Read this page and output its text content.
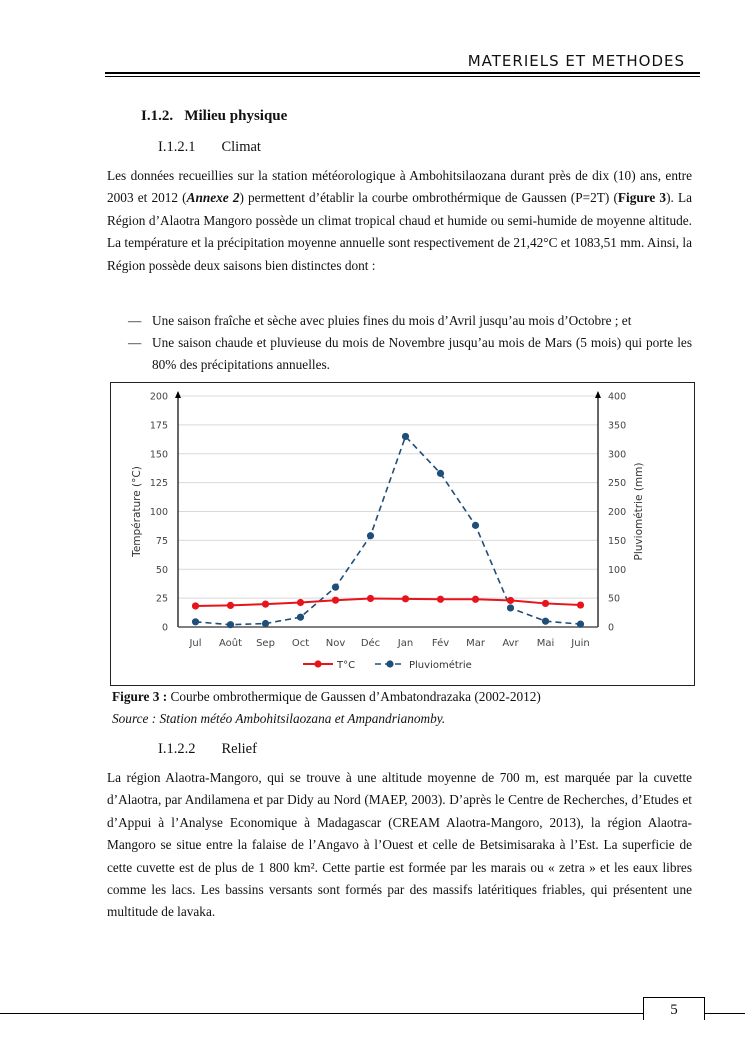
MATERIELS ET METHODES
I.1.2. Milieu physique
I.1.2.1 Climat
Les données recueillies sur la station météorologique à Ambohitsilaozana durant près de dix (10) ans, entre 2003 et 2012 (Annexe 2) permettent d’établir la courbe ombrothérmique de Gaussen (P=2T) (Figure 3). La Région d’Alaotra Mangoro possède un climat tropical chaud et humide ou semi-humide de moyenne altitude. La température et la précipitation moyenne annuelle sont respectivement de 21,42°C et 1083,51 mm. Ainsi, la Région possède deux saisons bien distinctes dont :
— Une saison fraîche et sèche avec pluies fines du mois d’Avril jusqu’au mois d’Octobre ; et
— Une saison chaude et pluvieuse du mois de Novembre jusqu’au mois de Mars (5 mois) qui porte les 80% des précipitations annuelles.
0
25
50
75
100
125
150
175
200
0
50
100
150
200
250
300
350
400
Jul Août Sep Oct Nov Déc Jan Fév Mar Avr Mai Juin
Température (°C)	Pluviométrie (mm)
T°C	Pluviométrie
Figure 3 : Courbe ombrothermique de Gaussen d’Ambatondrazaka (2002-2012)
Source : Station météo Ambohitsilaozana et Ampandrianomby.
I.1.2.2 Relief
La région Alaotra-Mangoro, qui se trouve à une altitude moyenne de 700 m, est marquée par la cuvette d’Alaotra, par Andilamena et par Didy au Nord (MAEP, 2003). D’après le Centre de Recherches, d’Etudes et d’Appui à l’Analyse Economique à Madagascar (CREAM Alaotra-Mangoro, 2013), la région Alaotra-Mangoro se situe entre la falaise de l’Angavo à l’Ouest et celle de Betsimisaraka à l’Est. La superficie de cette cuvette est de plus de 1 800 km². Cette partie est formée par les marais ou « zetra » et les eaux libres comme les lacs. Les bassins versants sont formés par des massifs latéritiques friables, qui présentent une multitude de lavaka.
5
